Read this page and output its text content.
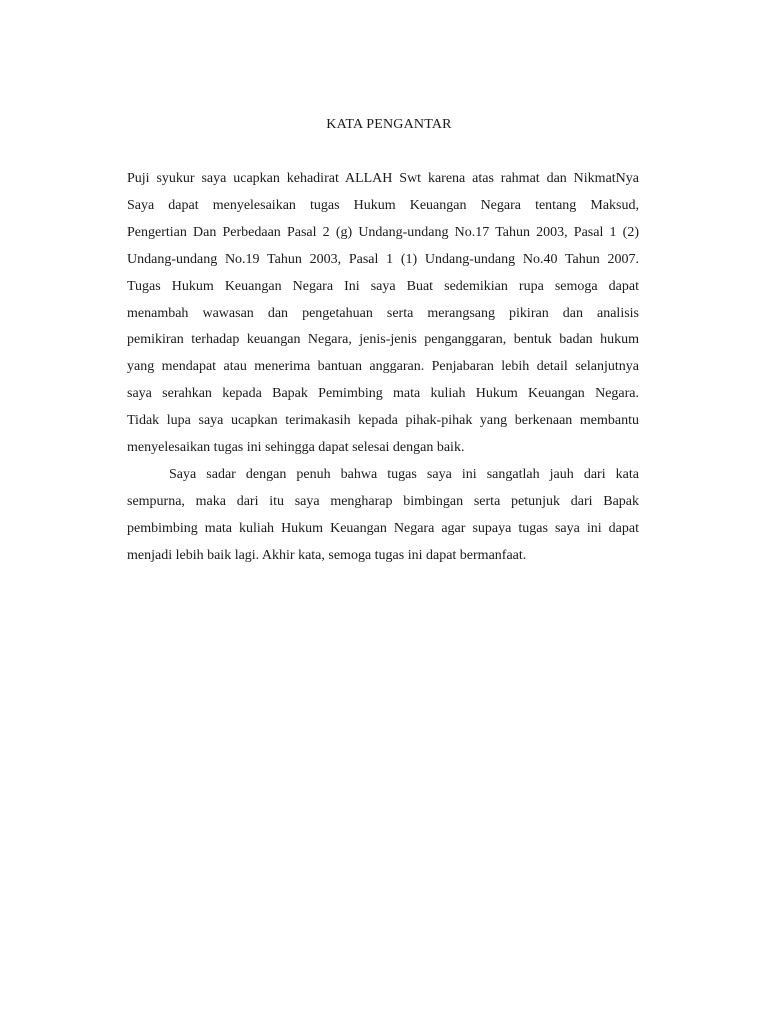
KATA PENGANTAR

Puji syukur saya ucapkan kehadirat ALLAH Swt karena atas rahmat dan NikmatNya
Saya dapat menyelesaikan tugas Hukum Keuangan Negara tentang Maksud,
Pengertian Dan Perbedaan Pasal 2 (g) Undang-undang No.17 Tahun 2003, Pasal 1 (2)
Undang-undang No.19 Tahun 2003, Pasal 1 (1) Undang-undang No.40 Tahun 2007.
Tugas Hukum Keuangan Negara Ini saya Buat sedemikian rupa semoga dapat
menambah wawasan dan pengetahuan serta merangsang pikiran dan analisis
pemikiran terhadap keuangan Negara, jenis-jenis penganggaran, bentuk badan hukum
yang mendapat atau menerima bantuan anggaran. Penjabaran lebih detail selanjutnya
saya serahkan kepada Bapak Pemimbing mata kuliah Hukum Keuangan Negara.
Tidak lupa saya ucapkan terimakasih kepada pihak-pihak yang berkenaan membantu
menyelesaikan tugas ini sehingga dapat selesai dengan baik.

Saya sadar dengan penuh bahwa tugas saya ini sangatlah jauh dari kata
sempurna, maka dari itu saya mengharap bimbingan serta petunjuk dari Bapak
pembimbing mata kuliah Hukum Keuangan Negara agar supaya tugas saya ini dapat
menjadi lebih baik lagi. Akhir kata, semoga tugas ini dapat bermanfaat.
